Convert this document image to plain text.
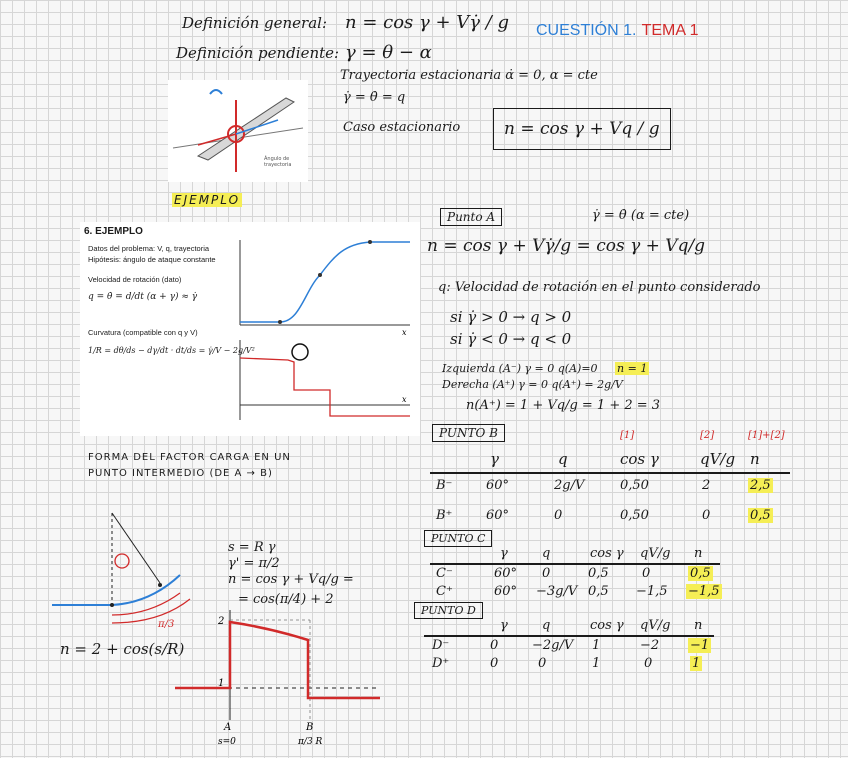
CUESTIÓN 1. TEMA 1
Definición general: n = cos γ + Vγ̇ / g
Definición pendiente: γ = θ − α
Trayectoria estacionaria α̇ = 0, α = cte
γ̇ = θ̇ = q
Caso estacionario	n = cos γ + Vq / g
Ángulo de
trayectoria
EJEMPLO
6. EJEMPLO
Datos del problema: V, q, trayectoria
Hipótesis: ángulo de ataque constante
Velocidad de rotación (dato)
q = θ̇ = d/dt (α + γ) ≈ γ̇
Curvatura (compatible con q y V)
1/R = dθ/ds − dγ/dt · dt/ds = γ̇/V − 2g/V²
x
x
Punto A	γ̇ = θ̇ (α = cte)
n = cos γ + Vγ̇/g = cos γ + Vq/g
q: Velocidad de rotación en el punto considerado
si γ̇ > 0 → q > 0
si γ̇ < 0 → q < 0
Izquierda (A⁻) γ = 0 q(A)=0 n = 1
Derecha (A⁺) γ = 0 q(A⁺) = 2g/V
n(A⁺) = 1 + Vq/g = 1 + 2 = 3
PUNTO B	[1]	[2]	[1]+[2]
γ	q	cos γ	qV/g n
B⁻	60°	2g/V	0,50	2	2,5
B⁺	60°	0	0,50	0	0,5
PUNTO C
γ	q	cos γ qV/g n
C⁻	60° 0	0,5	0	0,5
C⁺	60° −3g/V 0,5 −1,5 −1,5
PUNTO D
γ	q	cos γ qV/g n
D⁻	0	−2g/V 1	−2 −1
D⁺	0	0	1	0	1
FORMA DEL FACTOR CARGA EN UN
PUNTO INTERMEDIO (DE A → B)
π/3
s = R γ
γ' = π/2
n = cos γ + Vq/g =
= cos(π/4) + 2
n = 2 + cos(s/R)
2
1
A
s=0
B
π/3 R
